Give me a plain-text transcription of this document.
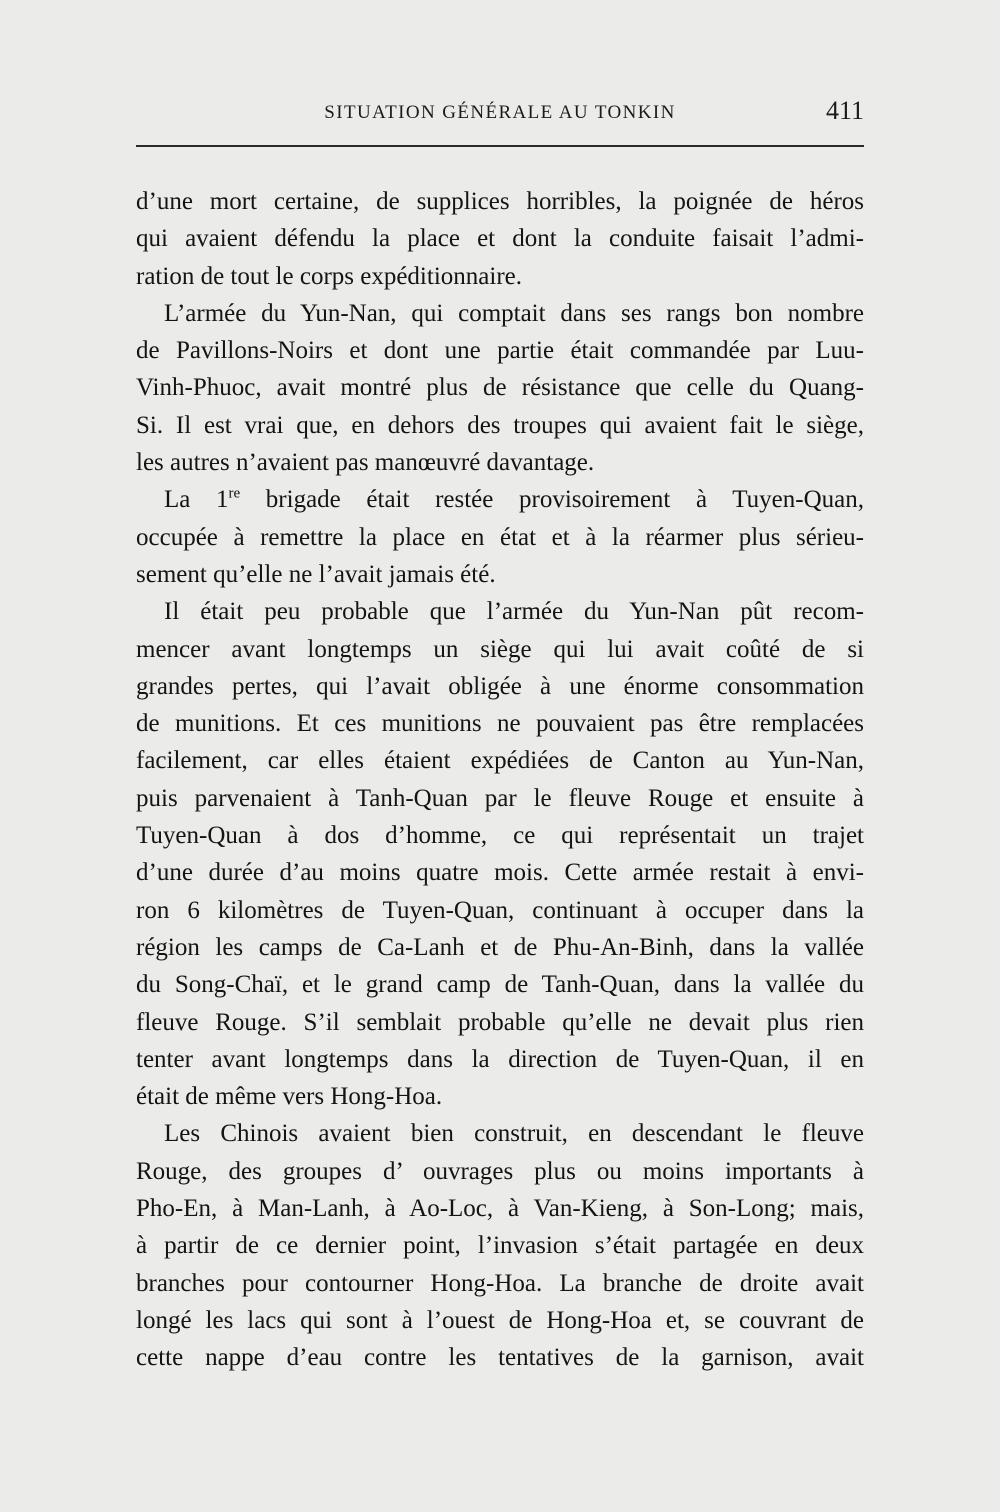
SITUATION GÉNÉRALE AU TONKIN	411
d’une mort certaine, de supplices horribles, la poignée de héros
qui avaient défendu la place et dont la conduite faisait l’admi-
ration de tout le corps expéditionnaire.
L’armée du Yun-Nan, qui comptait dans ses rangs bon nombre
de Pavillons-Noirs et dont une partie était commandée par Luu-
Vinh-Phuoc, avait montré plus de résistance que celle du Quang-
Si. Il est vrai que, en dehors des troupes qui avaient fait le siège,
les autres n’avaient pas manœuvré davantage.
La 1re brigade était restée provisoirement à Tuyen-Quan,
occupée à remettre la place en état et à la réarmer plus sérieu-
sement qu’elle ne l’avait jamais été.
Il était peu probable que l’armée du Yun-Nan pût recom-
mencer avant longtemps un siège qui lui avait coûté de si
grandes pertes, qui l’avait obligée à une énorme consommation
de munitions. Et ces munitions ne pouvaient pas être remplacées
facilement, car elles étaient expédiées de Canton au Yun-Nan,
puis parvenaient à Tanh-Quan par le fleuve Rouge et ensuite à
Tuyen-Quan à dos d’homme, ce qui représentait un trajet
d’une durée d’au moins quatre mois. Cette armée restait à envi-
ron 6 kilomètres de Tuyen-Quan, continuant à occuper dans la
région les camps de Ca-Lanh et de Phu-An-Binh, dans la vallée
du Song-Chaï, et le grand camp de Tanh-Quan, dans la vallée du
fleuve Rouge. S’il semblait probable qu’elle ne devait plus rien
tenter avant longtemps dans la direction de Tuyen-Quan, il en
était de même vers Hong-Hoa.
Les Chinois avaient bien construit, en descendant le fleuve
Rouge, des groupes d’ ouvrages plus ou moins importants à
Pho-En, à Man-Lanh, à Ao-Loc, à Van-Kieng, à Son-Long; mais,
à partir de ce dernier point, l’invasion s’était partagée en deux
branches pour contourner Hong-Hoa. La branche de droite avait
longé les lacs qui sont à l’ouest de Hong-Hoa et, se couvrant de
cette nappe d’eau contre les tentatives de la garnison, avait
